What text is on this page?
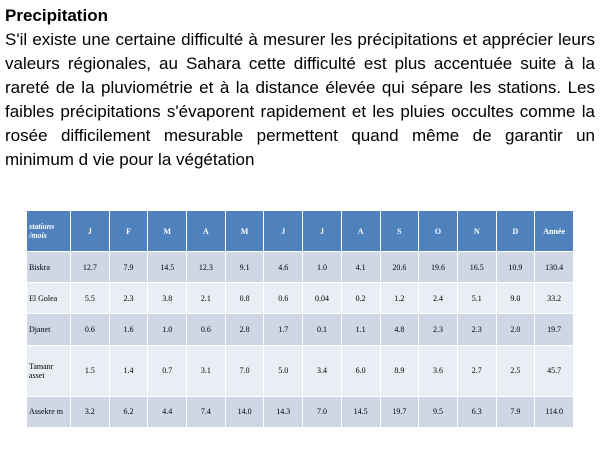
Precipitation

S'il existe une certaine difficulté à mesurer les précipitations et apprécier leurs valeurs régionales, au Sahara cette difficulté est plus accentuée suite à la rareté de la pluviométrie et à la distance élevée qui sépare les stations. Les faibles précipitations s'évaporent rapidement et les pluies occultes comme la rosée difficilement mesurable permettent quand même de garantir un minimum d vie pour la végétation

stations /mois	J	F	M	A	M	J	J	A	S	O	N	D	Année
Biskra	12.7	7.9	14.5	12.3	9.1	4.6	1.0	4.1	20.6	19.6	16.5	10.9	130.4
El Golea	5.5	2.3	3.8	2.1	0.8	0.6	0.04	0.2	1.2	2.4	5.1	9.0	33.2
Djanet	0.6	1.6	1.0	0.6	2.8	1.7	0.1	1.1	4.8	2.3	2.3	2.0	19.7
Tamanr asset	1.5	1.4	0.7	3.1	7.0	5.0	3.4	6.0	8.9	3.6	2.7	2.5	45.7
Assekre m	3.2	6.2	4.4	7.4	14.0	14.3	7.0	14.5	19.7	9.5	6.3	7.9	114.0
